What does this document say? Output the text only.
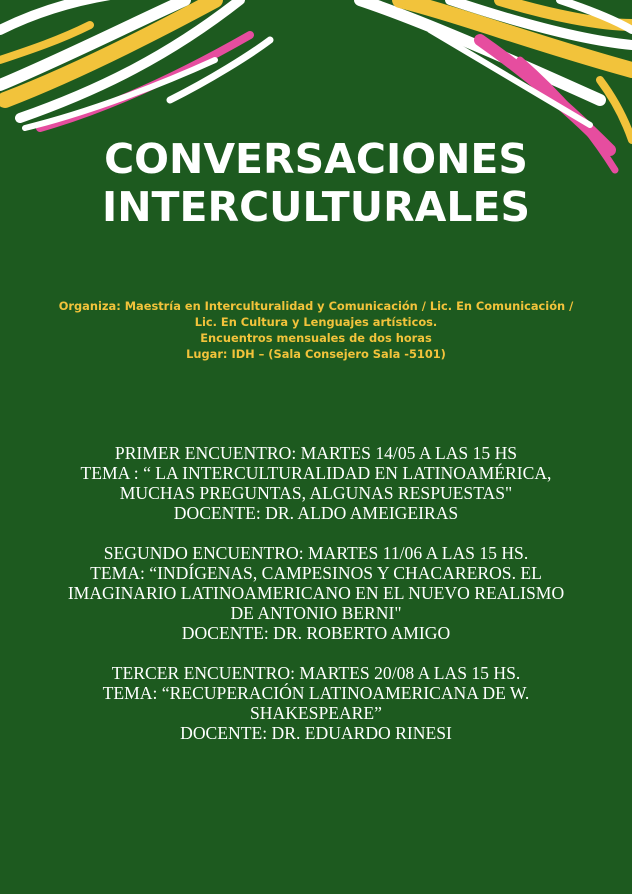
CONVERSACIONES
INTERCULTURALES
Organiza: Maestría en Interculturalidad y Comunicación / Lic. En Comunicación /
Lic. En Cultura y Lenguajes artísticos.
Encuentros mensuales de dos horas
Lugar: IDH – (Sala Consejero Sala -5101)
PRIMER ENCUENTRO: MARTES 14/05 A LAS 15 HS
TEMA : “ LA INTERCULTURALIDAD EN LATINOAMÉRICA,
MUCHAS PREGUNTAS, ALGUNAS RESPUESTAS"
DOCENTE: DR. ALDO AMEIGEIRAS
SEGUNDO ENCUENTRO: MARTES 11/06 A LAS 15 HS.
TEMA: “INDÍGENAS, CAMPESINOS Y CHACAREROS. EL
IMAGINARIO LATINOAMERICANO EN EL NUEVO REALISMO
DE ANTONIO BERNI"
DOCENTE: DR. ROBERTO AMIGO
TERCER ENCUENTRO: MARTES 20/08 A LAS 15 HS.
TEMA: “RECUPERACIÓN LATINOAMERICANA DE W.
SHAKESPEARE”
DOCENTE: DR. EDUARDO RINESI
